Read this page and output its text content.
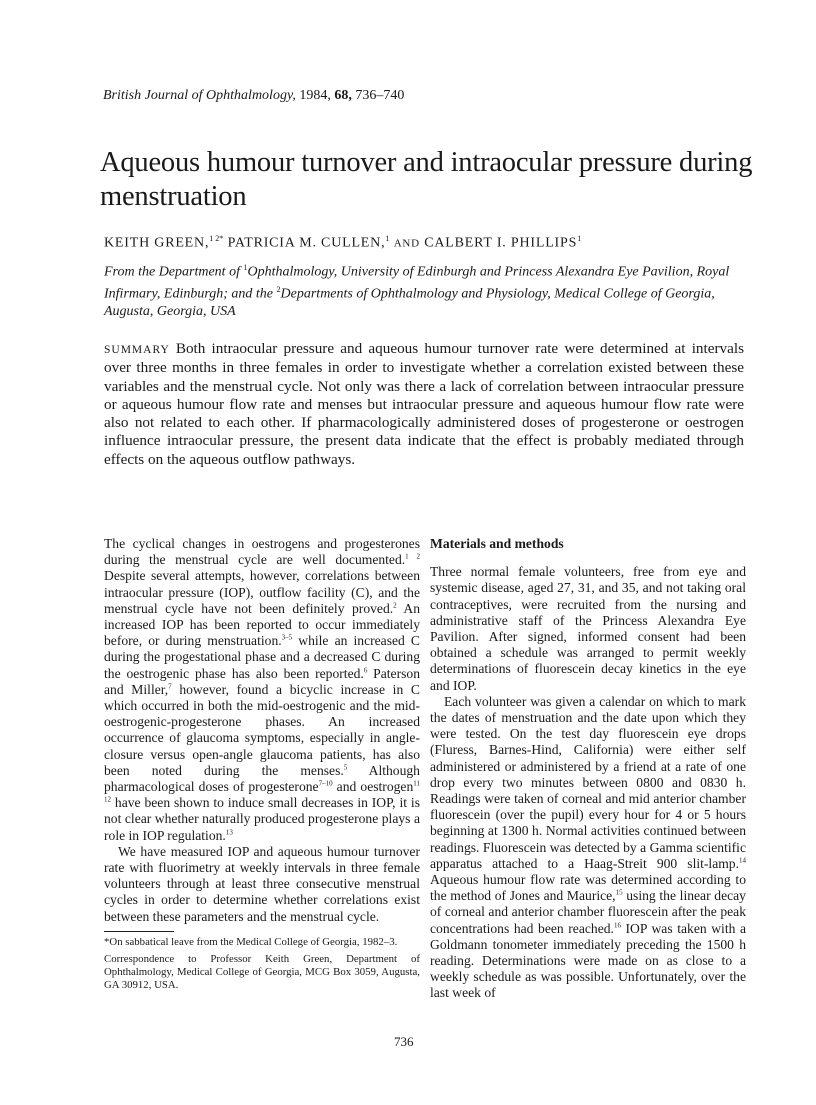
British Journal of Ophthalmology, 1984, 68, 736–740
Aqueous humour turnover and intraocular pressure during menstruation
KEITH GREEN,$^{1 2*}$ PATRICIA M. CULLEN,$^1$ AND CALBERT I. PHILLIPS$^1$
From the Department of $^1$Ophthalmology, University of Edinburgh and Princess Alexandra Eye Pavilion, Royal Infirmary, Edinburgh; and the $^2$Departments of Ophthalmology and Physiology, Medical College of Georgia, Augusta, Georgia, USA
SUMMARY Both intraocular pressure and aqueous humour turnover rate were determined at intervals over three months in three females in order to investigate whether a correlation existed between these variables and the menstrual cycle. Not only was there a lack of correlation between intraocular pressure or aqueous humour flow rate and menses but intraocular pressure and aqueous humour flow rate were also not related to each other. If pharmacologically administered doses of progesterone or oestrogen influence intraocular pressure, the present data indicate that the effect is probably mediated through effects on the aqueous outflow pathways.

The cyclical changes in oestrogens and progesterones during the menstrual cycle are well documented.$^{1 2}$ Despite several attempts, however, correlations between intraocular pressure (IOP), outflow facility (C), and the menstrual cycle have not been definitely proved.$^2$ An increased IOP has been reported to occur immediately before, or during menstruation.$^{3-5}$ while an increased C during the progestational phase and a decreased C during the oestrogenic phase has also been reported.$^6$ Paterson and Miller,$^7$ however, found a bicyclic increase in C which occurred in both the mid-oestrogenic and the mid-oestrogenic-progesterone phases. An increased occurrence of glaucoma symptoms, especially in angle-closure versus open-angle glaucoma patients, has also been noted during the menses.$^5$ Although pharmacological doses of progesterone$^{7-10}$ and oestrogen$^{11 12}$ have been shown to induce small decreases in IOP, it is not clear whether naturally produced progesterone plays a role in IOP regulation.$^{13}$

We have measured IOP and aqueous humour turnover rate with fluorimetry at weekly intervals in three female volunteers through at least three consecutive menstrual cycles in order to determine whether correlations exist between these parameters and the menstrual cycle.

*On sabbatical leave from the Medical College of Georgia, 1982–3.

Correspondence to Professor Keith Green, Department of Ophthalmology, Medical College of Georgia, MCG Box 3059, Augusta, GA 30912, USA.

Materials and methods

Three normal female volunteers, free from eye and systemic disease, aged 27, 31, and 35, and not taking oral contraceptives, were recruited from the nursing and administrative staff of the Princess Alexandra Eye Pavilion. After signed, informed consent had been obtained a schedule was arranged to permit weekly determinations of fluorescein decay kinetics in the eye and IOP.

Each volunteer was given a calendar on which to mark the dates of menstruation and the date upon which they were tested. On the test day fluorescein eye drops (Fluress, Barnes-Hind, California) were either self administered or administered by a friend at a rate of one drop every two minutes between 0800 and 0830 h. Readings were taken of corneal and mid anterior chamber fluorescein (over the pupil) every hour for 4 or 5 hours beginning at 1300 h. Normal activities continued between readings. Fluorescein was detected by a Gamma scientific apparatus attached to a Haag-Streit 900 slit-lamp.$^{14}$ Aqueous humour flow rate was determined according to the method of Jones and Maurice,$^{15}$ using the linear decay of corneal and anterior chamber fluorescein after the peak concentrations had been reached.$^{16}$ IOP was taken with a Goldmann tonometer immediately preceding the 1500 h reading. Determinations were made on as close to a weekly schedule as was possible. Unfortunately, over the last week of

736
